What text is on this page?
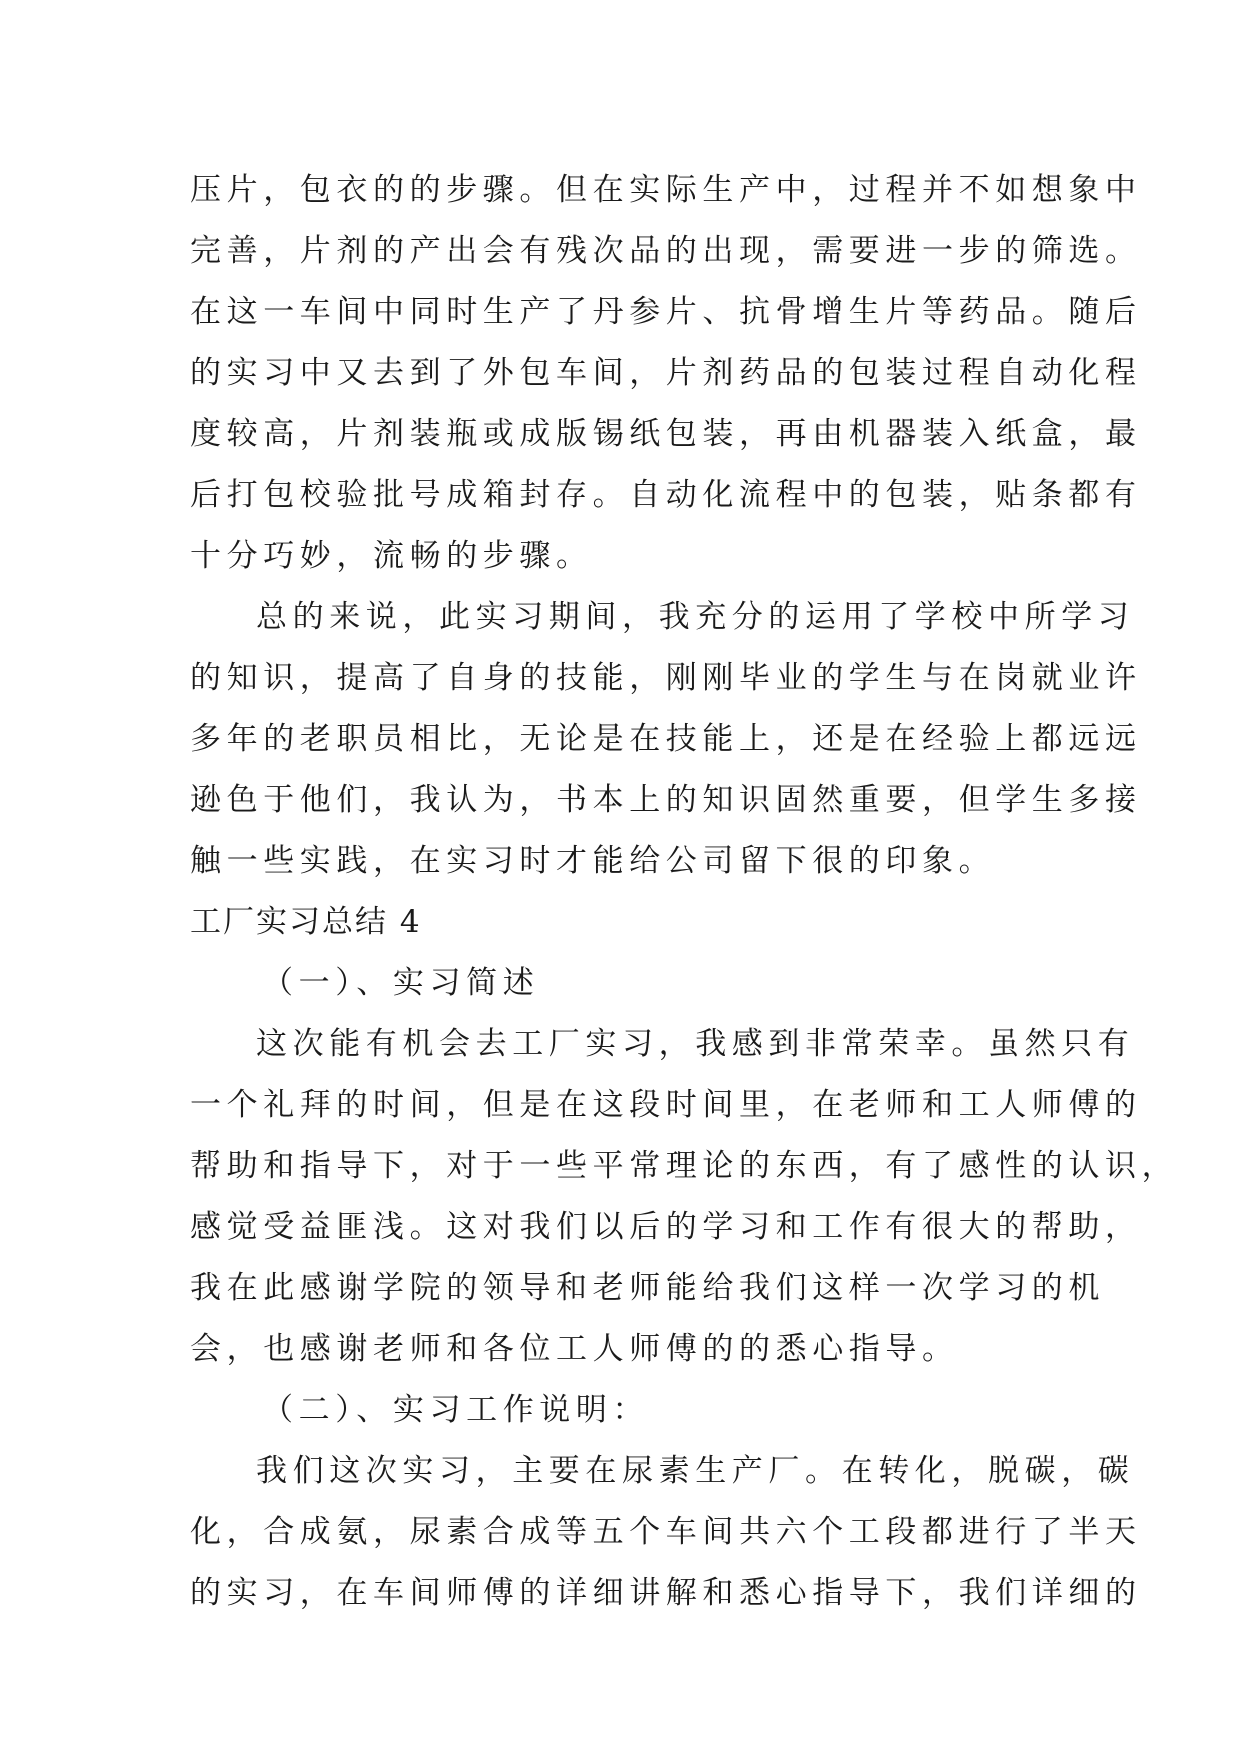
压片，包衣的的步骤。但在实际生产中，过程并不如想象中
完善，片剂的产出会有残次品的出现，需要进一步的筛选。
在这一车间中同时生产了丹参片、抗骨增生片等药品。随后
的实习中又去到了外包车间，片剂药品的包装过程自动化程
度较高，片剂装瓶或成版锡纸包装，再由机器装入纸盒，最
后打包校验批号成箱封存。自动化流程中的包装，贴条都有
十分巧妙，流畅的步骤。
总的来说，此实习期间，我充分的运用了学校中所学习
的知识，提高了自身的技能，刚刚毕业的学生与在岗就业许
多年的老职员相比，无论是在技能上，还是在经验上都远远
逊色于他们，我认为，书本上的知识固然重要，但学生多接
触一些实践，在实习时才能给公司留下很的印象。
工厂实习总结 4
（一）、实习简述
这次能有机会去工厂实习，我感到非常荣幸。虽然只有
一个礼拜的时间，但是在这段时间里，在老师和工人师傅的
帮助和指导下，对于一些平常理论的东西，有了感性的认识，
感觉受益匪浅。这对我们以后的学习和工作有很大的帮助，
我在此感谢学院的领导和老师能给我们这样一次学习的机
会，也感谢老师和各位工人师傅的的悉心指导。
（二）、实习工作说明：
我们这次实习，主要在尿素生产厂。在转化，脱碳，碳
化，合成氨，尿素合成等五个车间共六个工段都进行了半天
的实习，在车间师傅的详细讲解和悉心指导下，我们详细的
